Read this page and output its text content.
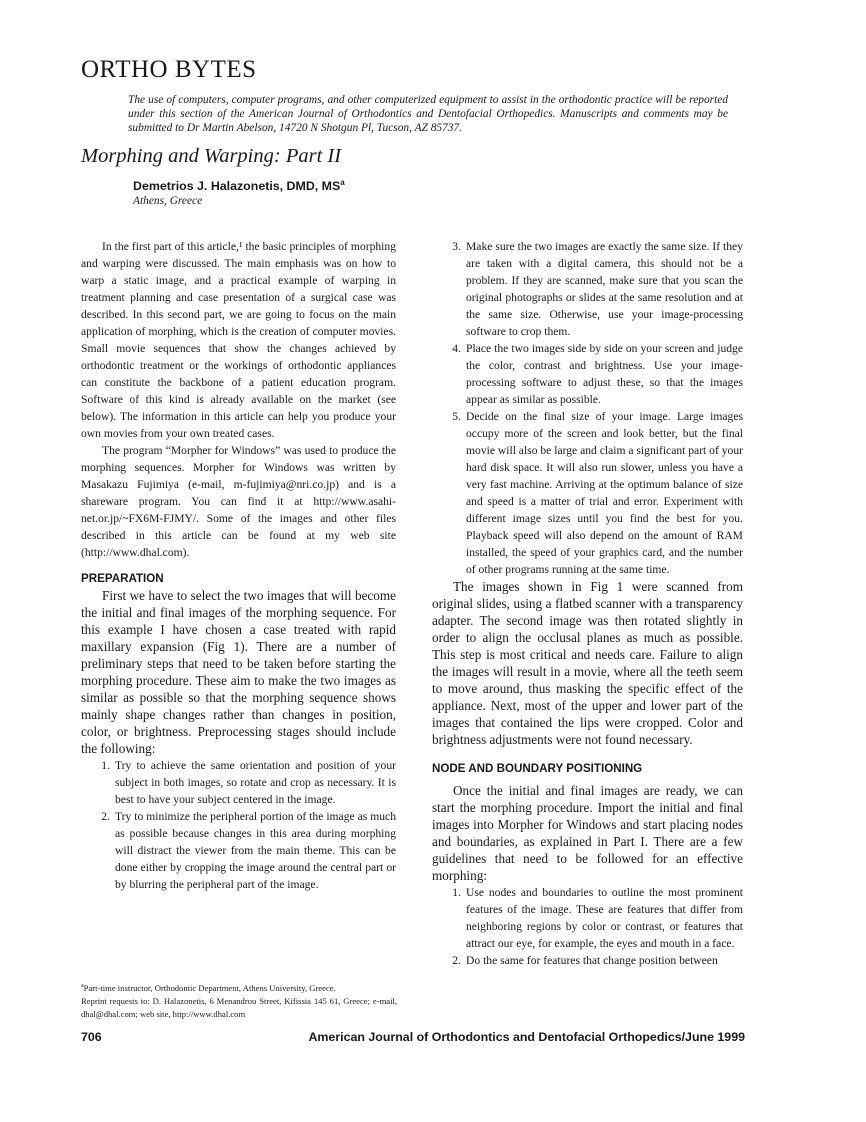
ORTHO BYTES
The use of computers, computer programs, and other computerized equipment to assist in the orthodontic practice will be reported under this section of the American Journal of Orthodontics and Dentofacial Orthopedics. Manuscripts and comments may be submitted to Dr Martin Abelson, 14720 N Shotgun Pl, Tucson, AZ 85737.
Morphing and Warping: Part II
Demetrios J. Halazonetis, DMD, $MS^a$
Athens, Greece

In the first part of this article,¹ the basic principles of morphing and warping were discussed. The main emphasis was on how to warp a static image, and a practical example of warping in treatment planning and case presentation of a surgical case was described. In this second part, we are going to focus on the main application of morphing, which is the creation of computer movies. Small movie sequences that show the changes achieved by orthodontic treatment or the workings of orthodontic appliances can constitute the backbone of a patient education program. Software of this kind is already available on the market (see below). The information in this article can help you produce your own movies from your own treated cases.

The program “Morpher for Windows” was used to produce the morphing sequences. Morpher for Windows was written by Masakazu Fujimiya (e-mail, m-fujimiya@nri.co.jp) and is a shareware program. You can find it at http://www.asahi-net.or.jp/~FX6M-FJMY/. Some of the images and other files described in this article can be found at my web site (http://www.dhal.com).

PREPARATION

First we have to select the two images that will become the initial and final images of the morphing sequence. For this example I have chosen a case treated with rapid maxillary expansion (Fig 1). There are a number of preliminary steps that need to be taken before starting the morphing procedure. These aim to make the two images as similar as possible so that the morphing sequence shows mainly shape changes rather than changes in position, color, or brightness. Preprocessing stages should include the following:

1. Try to achieve the same orientation and position of your subject in both images, so rotate and crop as necessary. It is best to have your subject centered in the image.
2. Try to minimize the peripheral portion of the image as much as possible because changes in this area during morphing will distract the viewer from the main theme. This can be done either by cropping the image around the central part or by blurring the peripheral part of the image.
3. Make sure the two images are exactly the same size. If they are taken with a digital camera, this should not be a problem. If they are scanned, make sure that you scan the original photographs or slides at the same resolution and at the same size. Otherwise, use your image-processing software to crop them.
4. Place the two images side by side on your screen and judge the color, contrast and brightness. Use your image-processing software to adjust these, so that the images appear as similar as possible.
5. Decide on the final size of your image. Large images occupy more of the screen and look better, but the final movie will also be large and claim a significant part of your hard disk space. It will also run slower, unless you have a very fast machine. Arriving at the optimum balance of size and speed is a matter of trial and error. Experiment with different image sizes until you find the best for you. Playback speed will also depend on the amount of RAM installed, the speed of your graphics card, and the number of other programs running at the same time.

The images shown in Fig 1 were scanned from original slides, using a flatbed scanner with a transparency adapter. The second image was then rotated slightly in order to align the occlusal planes as much as possible. This step is most critical and needs care. Failure to align the images will result in a movie, where all the teeth seem to move around, thus masking the specific effect of the appliance. Next, most of the upper and lower part of the images that contained the lips were cropped. Color and brightness adjustments were not found necessary.

NODE AND BOUNDARY POSITIONING

Once the initial and final images are ready, we can start the morphing procedure. Import the initial and final images into Morpher for Windows and start placing nodes and boundaries, as explained in Part I. There are a few guidelines that need to be followed for an effective morphing:

1. Use nodes and boundaries to outline the most prominent features of the image. These are features that differ from neighboring regions by color or contrast, or features that attract our eye, for example, the eyes and mouth in a face.
2. Do the same for features that change position between

$^a$Part-time instructor, Orthodontic Department, Athens University, Greece.

Reprint requests to: D. Halazonetis, 6 Menandrou Street, Kifissia 145 61, Greece; e-mail, dhal@dhal.com; web site, http://www.dhal.com

706	American Journal of Orthodontics and Dentofacial Orthopedics/June 1999
